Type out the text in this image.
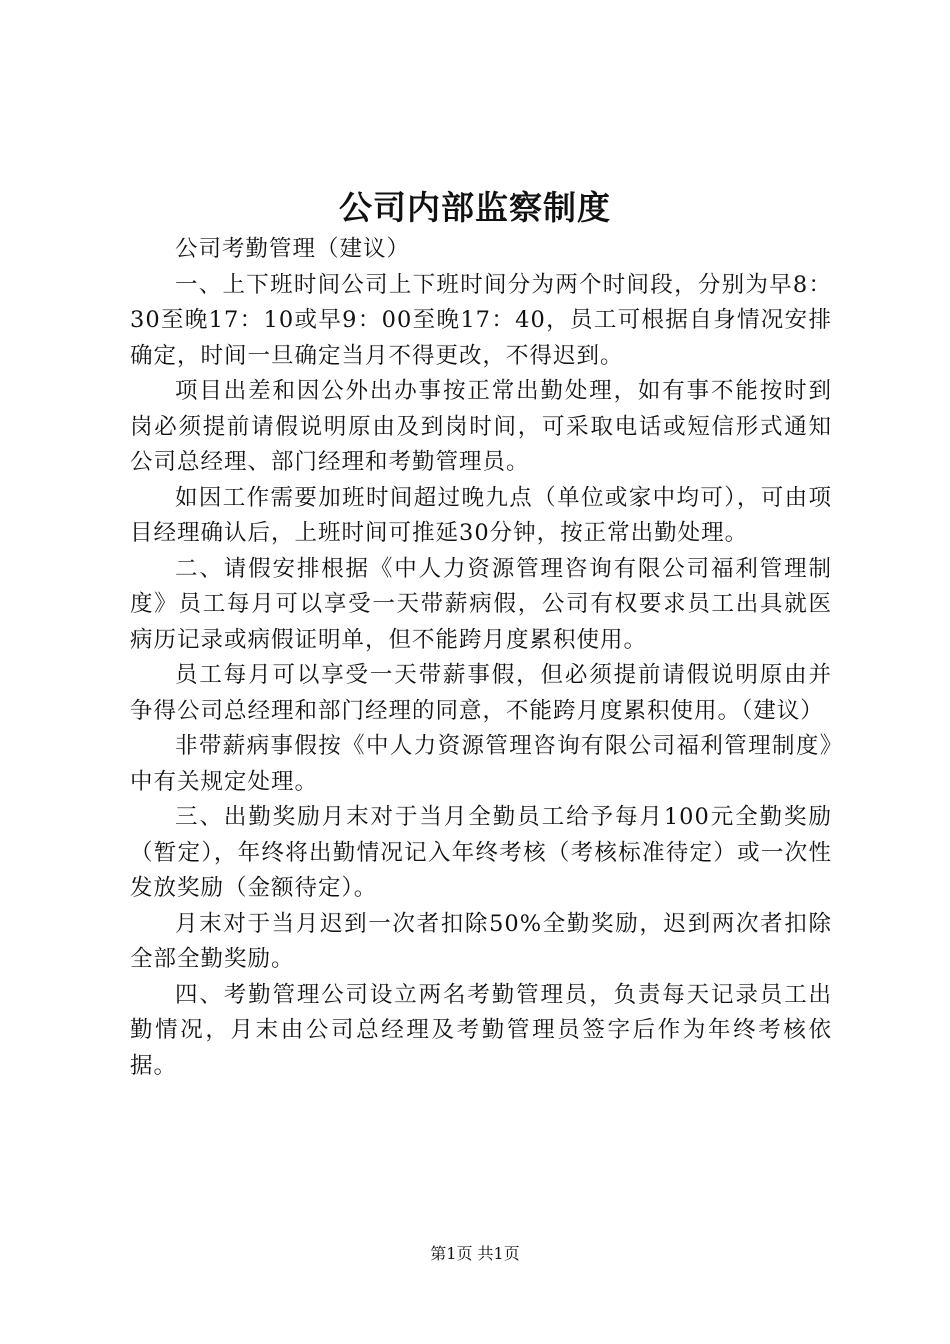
公司内部监察制度

公司考勤管理（建议）

一、上下班时间公司上下班时间分为两个时间段，分别为早8：30至晚17：10或早9：00至晚17：40，员工可根据自身情况安排确定，时间一旦确定当月不得更改，不得迟到。

项目出差和因公外出办事按正常出勤处理，如有事不能按时到岗必须提前请假说明原由及到岗时间，可采取电话或短信形式通知公司总经理、部门经理和考勤管理员。

如因工作需要加班时间超过晚九点（单位或家中均可），可由项目经理确认后，上班时间可推延30分钟，按正常出勤处理。

二、请假安排根据《中人力资源管理咨询有限公司福利管理制度》员工每月可以享受一天带薪病假，公司有权要求员工出具就医病历记录或病假证明单，但不能跨月度累积使用。

员工每月可以享受一天带薪事假，但必须提前请假说明原由并争得公司总经理和部门经理的同意，不能跨月度累积使用。（建议）

非带薪病事假按《中人力资源管理咨询有限公司福利管理制度》中有关规定处理。

三、出勤奖励月末对于当月全勤员工给予每月100元全勤奖励（暂定），年终将出勤情况记入年终考核（考核标准待定）或一次性发放奖励（金额待定）。

月末对于当月迟到一次者扣除50%全勤奖励，迟到两次者扣除全部全勤奖励。

四、考勤管理公司设立两名考勤管理员，负责每天记录员工出勤情况，月末由公司总经理及考勤管理员签字后作为年终考核依据。

第1页 共1页
